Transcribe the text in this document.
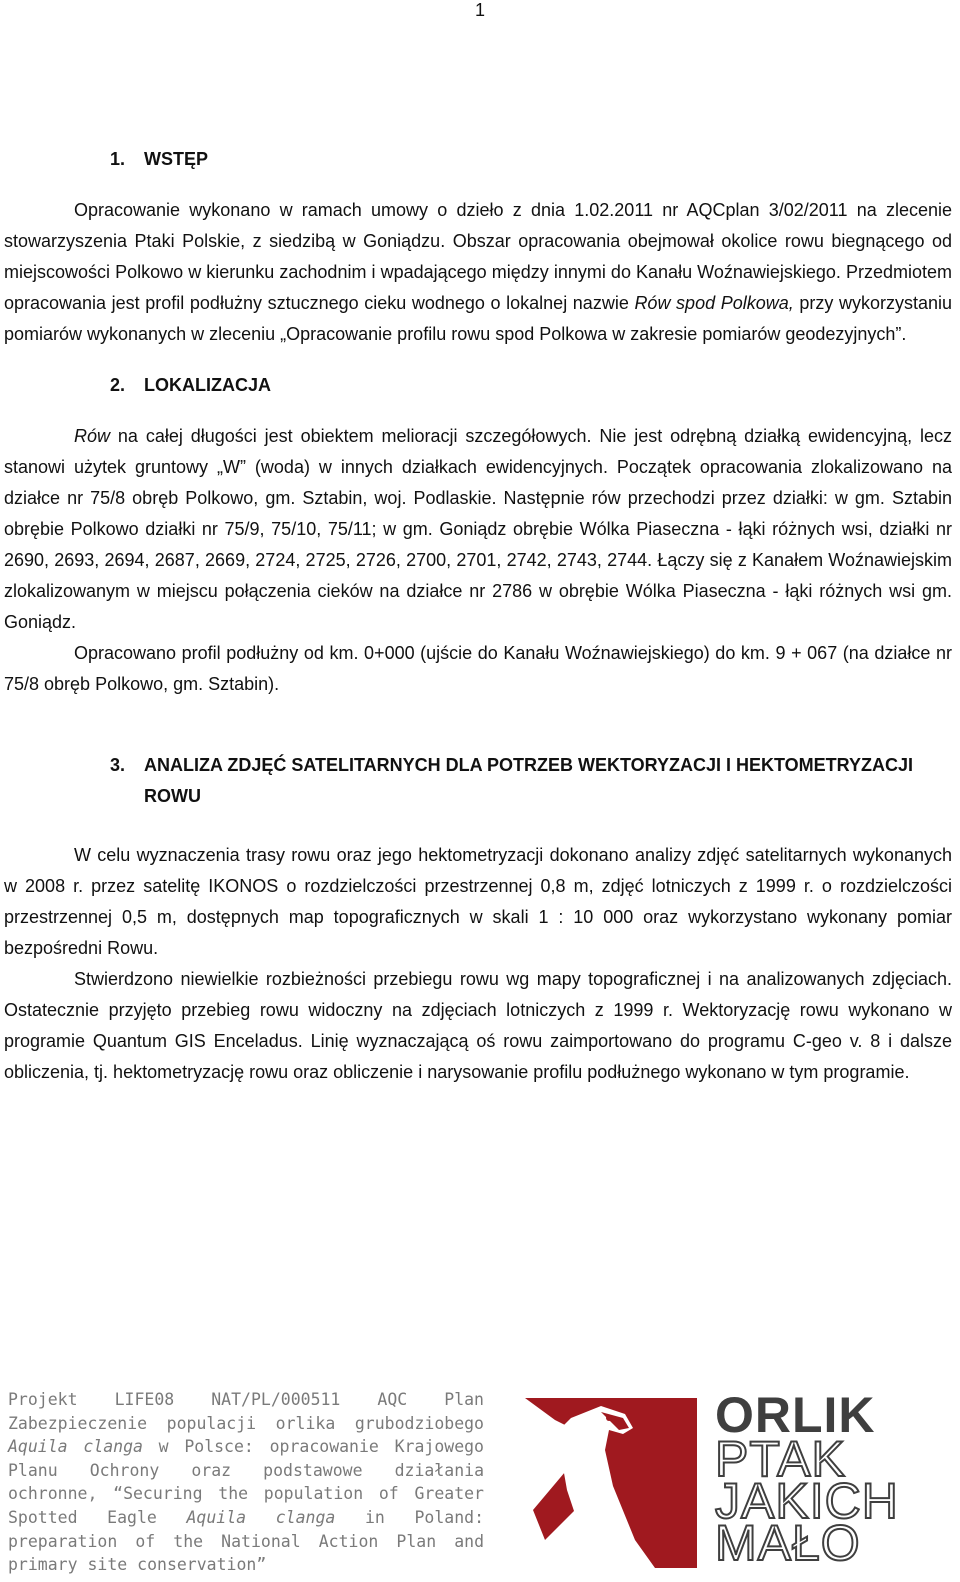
1
1.	WSTĘP

Opracowanie wykonano w ramach umowy o dzieło z dnia 1.02.2011 nr AQCplan 3/02/2011 na zlecenie stowarzyszenia Ptaki Polskie, z siedzibą w Goniądzu. Obszar opracowania obejmował okolice rowu biegnącego od miejscowości Polkowo w kierunku zachodnim i wpadającego między innymi do Kanału Woźnawiejskiego. Przedmiotem opracowania jest profil podłużny sztucznego cieku wodnego o lokalnej nazwie Rów spod Polkowa, przy wykorzystaniu pomiarów wykonanych w zleceniu „Opracowanie profilu rowu spod Polkowa w zakresie pomiarów geodezyjnych”.

2.	LOKALIZACJA

Rów na całej długości jest obiektem melioracji szczegółowych. Nie jest odrębną działką ewidencyjną, lecz stanowi użytek gruntowy „W” (woda) w innych działkach ewidencyjnych. Początek opracowania zlokalizowano na działce nr 75/8 obręb Polkowo, gm. Sztabin, woj. Podlaskie. Następnie rów przechodzi przez działki: w gm. Sztabin obrębie Polkowo działki nr 75/9, 75/10, 75/11; w gm. Goniądz obrębie Wólka Piaseczna - łąki różnych wsi, działki nr 2690, 2693, 2694, 2687, 2669, 2724, 2725, 2726, 2700, 2701, 2742, 2743, 2744. Łączy się z Kanałem Woźnawiejskim zlokalizowanym w miejscu połączenia cieków na działce nr 2786 w obrębie Wólka Piaseczna - łąki różnych wsi gm. Goniądz.

Opracowano profil podłużny od km. 0+000 (ujście do Kanału Woźnawiejskiego) do km. 9 + 067 (na działce nr 75/8 obręb Polkowo, gm. Sztabin).

3.	ANALIZA ZDJĘĆ SATELITARNYCH DLA POTRZEB WEKTORYZACJI I HEKTOMETRYZACJI ROWU

W celu wyznaczenia trasy rowu oraz jego hektometryzacji dokonano analizy zdjęć satelitarnych wykonanych w 2008 r. przez satelitę IKONOS o rozdzielczości przestrzennej 0,8 m, zdjęć lotniczych z 1999 r. o rozdzielczości przestrzennej 0,5 m, dostępnych map topograficznych w skali 1 : 10 000 oraz wykorzystano wykonany pomiar bezpośredni Rowu.

Stwierdzono niewielkie rozbieżności przebiegu rowu wg mapy topograficznej i na analizowanych zdjęciach. Ostatecznie przyjęto przebieg rowu widoczny na zdjęciach lotniczych z 1999 r. Wektoryzację rowu wykonano w programie Quantum GIS Enceladus. Linię wyznaczającą oś rowu zaimportowano do programu C-geo v. 8 i dalsze obliczenia, tj. hektometryzację rowu oraz obliczenie i narysowanie profilu podłużnego wykonano w tym programie.

Projekt LIFE08 NAT/PL/000511 AQC Plan Zabezpieczenie populacji orlika grubodziobego Aquila clanga w Polsce: opracowanie Krajowego Planu Ochrony oraz podstawowe działania ochronne, “Securing the population of Greater Spotted Eagle Aquila clanga in Poland: preparation of the National Action Plan and primary site conservation”
ORLIK
PTAK
JAKICH
MAŁO
